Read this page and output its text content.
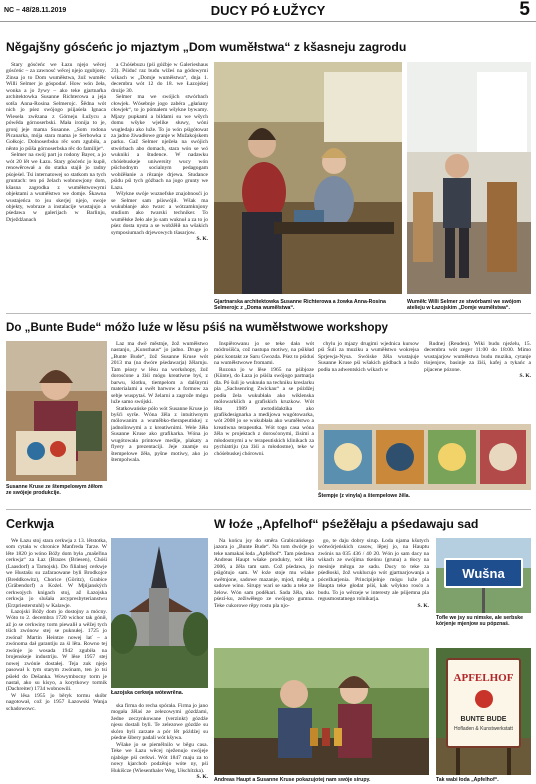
NC – 48/28.11.2019	DUCY PÓ ŁUŽYCY	5
Něgajšny gósćeńc jo mjaztym „Dom wuměłstwa“ z kšasneju zagrodu

Stary gósćeńc we Łazu njejo wěcej gósćeńc – za zawnosć wěcej njejo zgubjony. Zinsa jo to Dom wuměłstwa, žož wuměłc Willi Selmer jo góspodaŕ. How wón žeła, wonka a jo žywy – ako teke gjartnaŕka architektowka Susanne Richterowa a jeja sotša Anna-Rosina Selmerojc. Šědna wót nich jo pśez swójogo pśijaśela Ignaca Wiesela zwězana z Górneju Łužycu a pówěda górnoserbski. Mała ironija to je, gronj jeje mama Susanne. „Som rodona Picanarka, mója stara mama je Serbowka z Gołkojc. Dolnoserbsku rěc som zgubiła, a něnto jo pśiša górnoserbska rěc do familije“.

Selmer na swój part jo rodony Bayer, a jo wót 20 lět we Łazu. Stary gósćeńc jo kupił, renowěrował a do statka stajił jo radny pśojeśel. Tsi internatowej so statkom na tych gruntach: ten pó želach wobnowjony dom, kšasna zagrodka z wuměłstwowymi objektami a wuměłstwo we domje. Škawna wustajeńca to jsu skerjej njejo, swoje objekty, wobraze a instalacije wustajujo a pśedawa w galerijach w Barlinju, Drježdźanach

a Chóśebuzu (pśi góźbje w Galerieshaus 23). Pśiduć raz budu wižeś na gódowymi wikach w „Domje wuměłstwa“, dnja 1. decembra wót 12 do 18. we Łazojskej drożje 30.

Selmer ma we swójich stwórbach cłowjek. Wósebnje jogo zabéra „głańany cłowjek“, to jo pómałem wšykne bywamy. Mjazy pupkami a bildami su we wšych domu wšyke wjelike słuwy, wóni wugledaju ako luže. To jo wón pśigótowat za jadno žiwadłowe granje w Mužakojskem parku. Gaž Selmer nježeła na swójich stwórbach abo domach, stara wón se wó wukniki a študence. W nadawku chóśebuskeje uniwersity wucy wón pśichodnym socialnym pedagogam wobźěłanie a rězanje drjewa. Studance pśidu pśi tych góźbach na jogo grunty we Łazu.

Wšykne swóje wuznefske znajobnosći jo se Selmer sam pśiswójił. Wšak ma wukubłanje ako twarc a wótzamknjony studium ako twarski techniker. To wuměłske žeło ale jo sam wuknuł a za to jo pśez dosta nysta a se wobžěłił na wšakich symposiumach drjewowych tšasarjow.

S. K.
Gjartnarska architektowka Susanne Richterowa a žowka Anna-Rosina Selmerojc z „Doma wuměłstwa“.
Wuměłc Willi Selmer ze stwórbami we swójom atelieju w Łazojskim „Domje wuměłstwa“.
Do „Bunte Bude“ móžo luźe w lěsu pśiś na wuměłstwowe workshopy
Susanne Kruse ze štempelowym źěłom ze swójeje produkcije.

Laz ma dwě městnje, žož wuměłstwo nastanjo, „Kunsthaus“ jo jadno. Druge jo „Bunte Bude“, žož Susanne Kruse wót 2013 ma (na dwóre pśedawarja) žělarnju. Tam pśosy w lěsu na workshopy, žož dorosćone a žiśi mógu kreatiwne byś, z barwu, klotku, tiempelom a dalšnymi materialami a swět barwow a formow za sebje wuspytaś. W želarni a zagrože mógu luže samo swójski.

Statkowańske pólo wót Susanne Kruse jo byšći syrše. Wóna žěla z intuitiwnym mólowanim a wuměbko-therapeutiskej z jadnolinwymi a z kreatiwnimi. Wele žěła Susanne Kruse ako grafikarka. Wóna jo wugótowała printowe medije, plakaty a flyery a prezentaciji. Jeje znamje su štempelowe žěła, pyšne motiwy, ako jo štempolwala.

Inspiěrowanu jo se teke dała wót módrośišća, což nastupa motiwy, na pśikład pśez kontakt ze Saru Gwozda. Pśez to pśiduś na wuměłstwowe fromami.

Rozona jo w lěse 1965 na pśibjoze (Künte), do Łaza jo pśiśla swójogo partnarja dla. Pó šuli jo wuknuła na techniku kreslarku pla „Sachsenring Zwickau“ a se póżdźej podła žela wukubłała ako wiklenska mólowarkšich a grafiskich kruzkow. Wót lěta 1989 awtodidaktika ako grafikdesignarka a medijowa wugótowarka, wót 2008 jo se wukubłała ako wuměłstwo a kreatiwna terapeutka. Wót togo casa wóna žěla w projektach z dorosćonymi, žisimi a młodostnymi a w terapeutiskich klinikach za pychiatriju (za žiśi a młodostne), teke w chóśebuskej chórowni.

chylu jo mjazy drugimi wjednica kursow pśi Šuli za muziku a wuměłstwo wokrejsa Sprjewja-Nysa. Swóiske žěla wustajuje Susanne Kruse pśi wšakich gódbach a bužo podła na adwentskich wikach w

Rudnej (Reuden). Wiki budu njeźelu, 15. decembra wót zeger 11:00 do 18:00. Mimo wustajarjow wuměłstwa budu muzika, cytanje tśojenjow, basinje za žiśi, kafej a tykańc a pijacene pózone.

S. K.
Štempje (z vinyla) a štempelowe žěla.
Cerkwja

We Łazu stoj stara cerkwja z 13. lětstotka, som cytała w chronice Manfreda Tarze. W lěte 1820 jo wóno Bóžy dom była „mašeřina cerkwja“ za Łaz (Brazes (Briesen), Chóśi (Laasdorf) a Tarnojsk). Do filialnej cerkwje we Hustašu su zafaraowane byli Brodkojce (Breddkowitz), Chorice (Göritz), Grabice (Gräbendorf) a Kożel. W Mjńjanských cerkwojych knigach stoj, až Łazojska cerkwja jo slušała arcypresbyterianstwu (Erzpriesterstuhl) w Kalawje.

Łazojski Bóžy dom jo dostojny a mócny. Wóto to 2. decembra 1720 wichor tak gónił, až jo se cerkwiny torm piewalił a wěžej tych tśich zwónow stej se puknułej. 1725 jo zwónař Martin Heintze nowej lať – a zwónoma dał garantiju za śi lěta. Rowno tej zwónje jo wosada 1942 zgubiła na brojenskeje industriju. W lěse 1957 stej nowej zwónie dostałej. Teja zuk njejo pasował k tym starym zwónam, ten jo tsi pśiełd do Dešanka. Wowymbocny torm je nastał, ako su kisyo, a korytkowy tormik (Dachreiter) 1734 wobnowili.

W lěsa 1955 jo běryk tormu skóbr nagotował, což jo 1957 Łazowski Wanja schadowowc.

Łazojska cerkwja wótewrěna.

ska firma do recha spórała. Firma jo jano mogała žělaś ze zelezowymi gózdźami, žedne zeczynkowane (verzinkt) gózdźe njesu dostali byli. Te zelezowe gózdźe su skóro byli zarzate a pór lět póżdźej su pśedne šibery padali wót kšywa.

Wšake jo se piemělnilo w běgu casa. Teke we Łazu wěcej nježenujo swójeje njabóge pśi cerkwi. Wót 1847 maju za to nowy kjarchob podzěnjo wóte ny, pśi Hukišcze (Wiesenthaler Weg, Ułschítzka).

S. K.
W łoźe „Apfelhof“ pśežěłaju a pśedawaju sad

Na końcu jsy do směra Grabicańskego jazora jo „Bunte Bude“. Na tom dwórje jo teke namakaś łoda „Apfelhof“. Tam pśedawa Andreas Haupt wšake produkty, wót lěta 2006, a žěla tam sam. Což pśedawa, jo pśigótujo sam. W łoźe stoje mu wšake swětnjone, sadowe mazanje, mjod, mědg a sadowe wino. Sirupy warí se sadu a teke ze želow. Wón sam poděkari. Sada žěla, ako pśezí-ku, zežiwěłego ze swójogo gumna. Teke cukorowe rěpy rostu pla njo-

go, te daju dobry sirup. Łoda njama kšutych wótwórjeńskich casow, lěpej jo, na Hauptu zwónis na 035 436 / 40 20. Wón jo sam dacy na wikach ze swójima tkeńnu (gruna) a tłocy na mesinje mězgu ze sadu. Ducy to teke za pśedłoski, žož wuklucujo wót gjartnarjowanja a pócežkarjenia. Principijelnje mógu luže pla Haupta teke głodat pśiś, kak wšykno rosćo a budu. To jo wěrzeje w interesty ale pśijemna pla regusmostatnego rolnikarja.

S. K.
Wušna
Tofle we jsy su nimske, ale serbske kórjenje mjenjow su pópznaś.
Andreas Haupt a Susanne Kruse pokazujotej nam swóje sirupy.
APFELHOF
BUNTE BUDE
Hofladen & Kunstwerkstatt
Tak wabi łoda „Apfelhof“.
